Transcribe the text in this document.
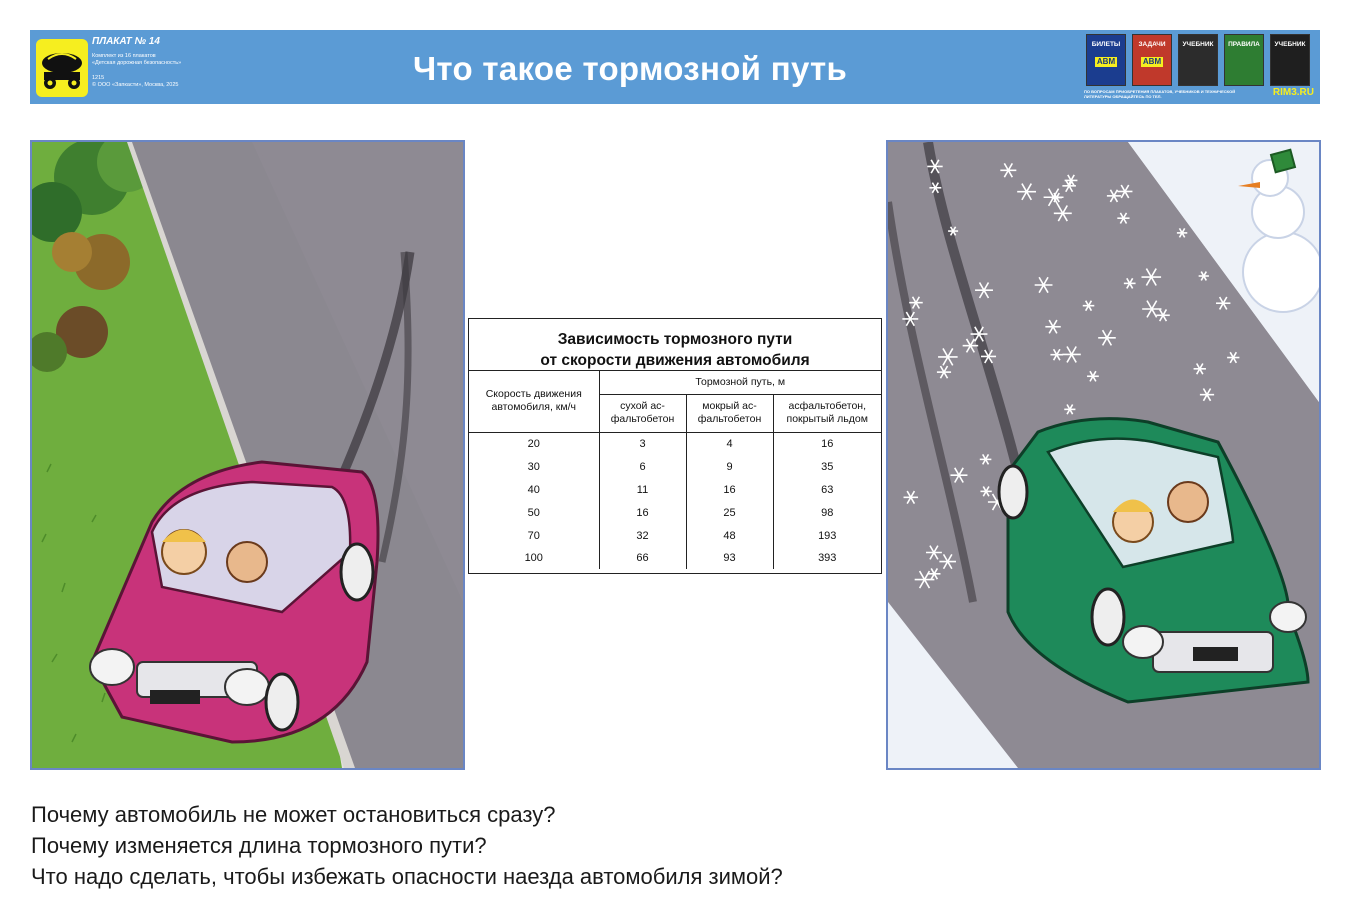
ПЛАКАТ № 14
Комплект из 16 плакатов
«Детская дорожная безопасность»
1215
© ООО «Запкасти», Москва, 2025	Что такое тормозной путь
БИЛЕТЫ
ABM
ЗАДАЧИ
ABM
УЧЕБНИК	ПРАВИЛА	УЧЕБНИК
ПО ВОПРОСАМ ПРИОБРЕТЕНИЯ ПЛАКАТОВ, УЧЕБНИКОВ И ТЕХНИЧЕСКОЙ ЛИТЕРАТУРЫ ОБРАЩАЙТЕСЬ ПО ТЕЛ.	RIM3.RU
Зависимость тормозного пути
от скорости движения автомобиля
Скорость движения автомобиля, км/ч	Тормозной путь, м		
	сухой ас-фальтобетон	мокрый ас-фальтобетон	асфальтобетон, покрытый льдом
20	3	4	16
30	6	9	35
40	11	16	63
50	16	25	98
70	32	48	193
100	66	93	393

Почему автомобиль не может остановиться сразу?

Почему изменяется длина тормозного пути?

Что надо сделать, чтобы избежать опасности наезда автомобиля зимой?
